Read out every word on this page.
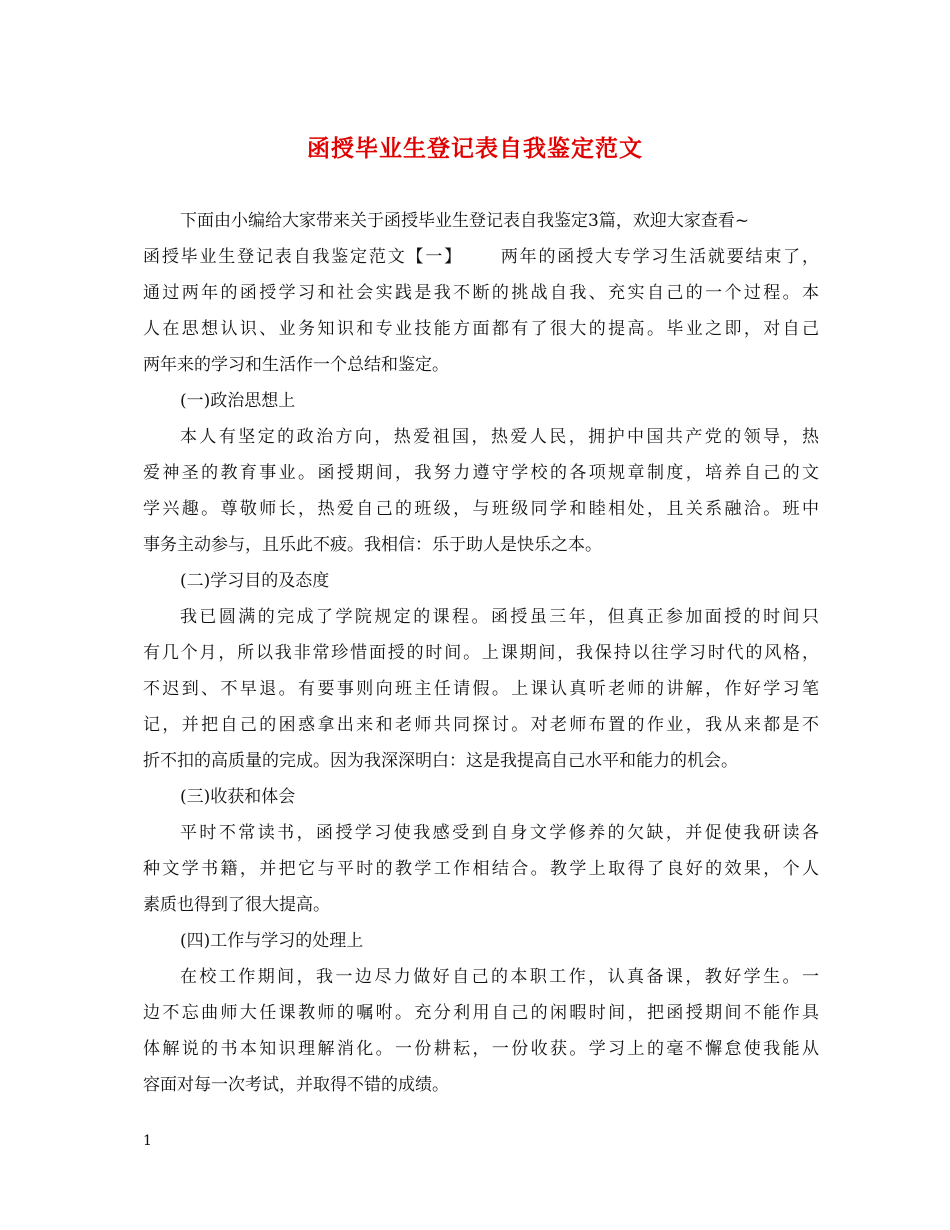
函授毕业生登记表自我鉴定范文
下面由小编给大家带来关于函授毕业生登记表自我鉴定3篇，欢迎大家查看~
函授毕业生登记表自我鉴定范文【一】 两年的函授大专学习生活就要结束了，
通过两年的函授学习和社会实践是我不断的挑战自我、充实自己的一个过程。本
人在思想认识、业务知识和专业技能方面都有了很大的提高。毕业之即，对自己
两年来的学习和生活作一个总结和鉴定。
(一)政治思想上
本人有坚定的政治方向，热爱祖国，热爱人民，拥护中国共产党的领导，热
爱神圣的教育事业。函授期间，我努力遵守学校的各项规章制度，培养自己的文
学兴趣。尊敬师长，热爱自己的班级，与班级同学和睦相处，且关系融洽。班中
事务主动参与，且乐此不疲。我相信：乐于助人是快乐之本。
(二)学习目的及态度
我已圆满的完成了学院规定的课程。函授虽三年，但真正参加面授的时间只
有几个月，所以我非常珍惜面授的时间。上课期间，我保持以往学习时代的风格，
不迟到、不早退。有要事则向班主任请假。上课认真听老师的讲解，作好学习笔
记，并把自己的困惑拿出来和老师共同探讨。对老师布置的作业，我从来都是不
折不扣的高质量的完成。因为我深深明白：这是我提高自己水平和能力的机会。
(三)收获和体会
平时不常读书，函授学习使我感受到自身文学修养的欠缺，并促使我研读各
种文学书籍，并把它与平时的教学工作相结合。教学上取得了良好的效果，个人
素质也得到了很大提高。
(四)工作与学习的处理上
在校工作期间，我一边尽力做好自己的本职工作，认真备课，教好学生。一
边不忘曲师大任课教师的嘱咐。充分利用自己的闲暇时间，把函授期间不能作具
体解说的书本知识理解消化。一份耕耘，一份收获。学习上的毫不懈怠使我能从
容面对每一次考试，并取得不错的成绩。
1
